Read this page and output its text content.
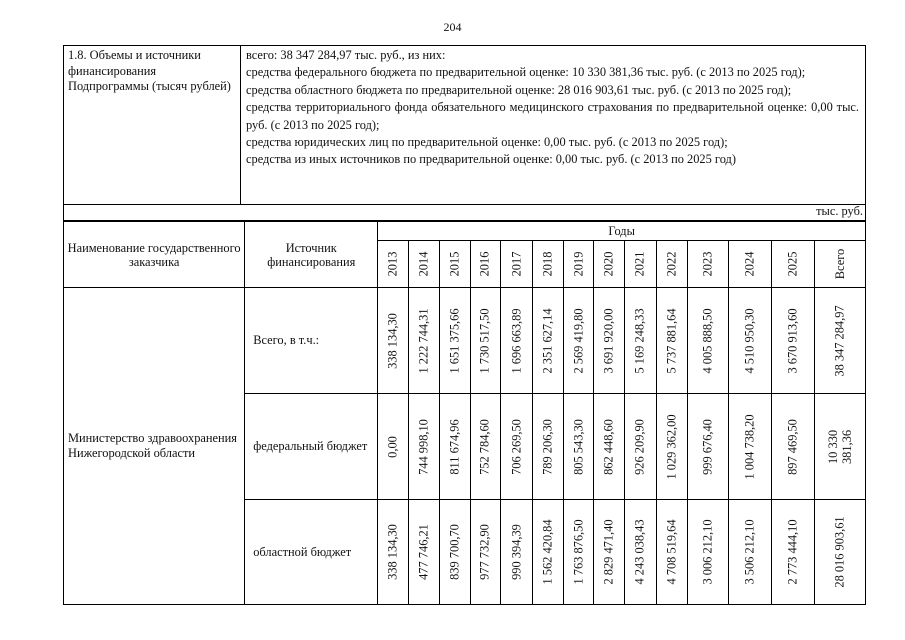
204
1.8. Объемы и источники финансирования Подпрограммы (тысяч рублей)

всего: 38 347 284,97 тыс. руб., из них:

средства федерального бюджета по предварительной оценке: 10 330 381,36 тыс. руб. (с 2013 по 2025 год);

средства областного бюджета по предварительной оценке: 28 016 903,61 тыс. руб. (с 2013 по 2025 год);

средства территориального фонда обязательного медицинского страхования по предварительной оценке: 0,00 тыс. руб. (с 2013 по 2025 год);

средства юридических лиц по предварительной оценке: 0,00 тыс. руб. (с 2013 по 2025 год);

средства из иных источников по предварительной оценке: 0,00 тыс. руб. (с 2013 по 2025 год)

тыс. руб.
Наименование государственного заказчика	Источник финансирования	Годы													

		2013	2014	2015	2016	2017	2018	2019	2020	2021	2022	2023	2024	2025	Всего

Министерство здравоохранения Нижегородской области	Всего, в т.ч.:	338 134,30	1 222 744,31	1 651 375,66	1 730 517,50	1 696 663,89	2 351 627,14	2 569 419,80	3 691 920,00	5 169 248,33	5 737 881,64	4 005 888,50	4 510 950,30	3 670 913,60	38 347 284,97

	федеральный бюджет	0,00	744 998,10	811 674,96	752 784,60	706 269,50	789 206,30	805 543,30	862 448,60	926 209,90	1 029 362,00	999 676,40	1 004 738,20	897 469,50	10 330 381,36

	областной бюджет	338 134,30	477 746,21	839 700,70	977 732,90	990 394,39	1 562 420,84	1 763 876,50	2 829 471,40	4 243 038,43	4 708 519,64	3 006 212,10	3 506 212,10	2 773 444,10	28 016 903,61
